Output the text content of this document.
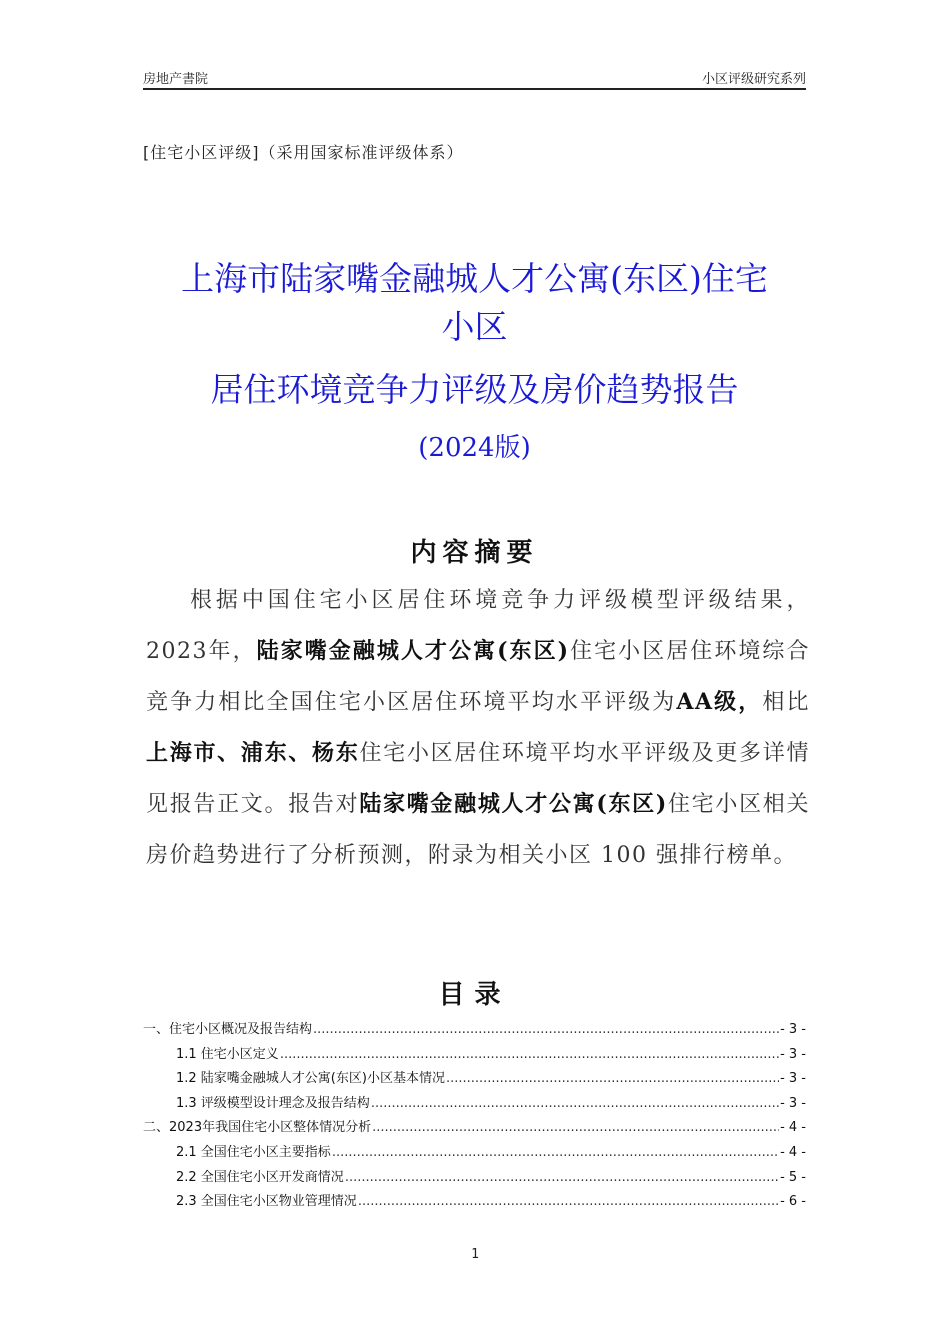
房地产書院	小区评级研究系列
[住宅小区评级]（采用国家标准评级体系）
上海市陆家嘴金融城人才公寓(东区)住宅
小区
居住环境竞争力评级及房价趋势报告
(2024版)
内容摘要
根据中国住宅小区居住环境竞争力评级模型评级结果，2023年，陆家嘴金融城人才公寓(东区)住宅小区居住环境综合竞争力相比全国住宅小区居住环境平均水平评级为AA级，相比上海市、浦东、杨东住宅小区居住环境平均水平评级及更多详情见报告正文。报告对陆家嘴金融城人才公寓(东区)住宅小区相关房价趋势进行了分析预测，附录为相关小区 100 强排行榜单。
目录
一、住宅小区概况及报告结构 .....	- 3 -
1.1 住宅小区定义 .....	- 3 -
1.2 陆家嘴金融城人才公寓(东区)小区基本情况 .....	- 3 -
1.3 评级模型设计理念及报告结构 .....	- 3 -
二、2023年我国住宅小区整体情况分析 .....	- 4 -
2.1 全国住宅小区主要指标 .....	- 4 -
2.2 全国住宅小区开发商情况 .....	- 5 -
2.3 全国住宅小区物业管理情况 .....	- 6 -
1
